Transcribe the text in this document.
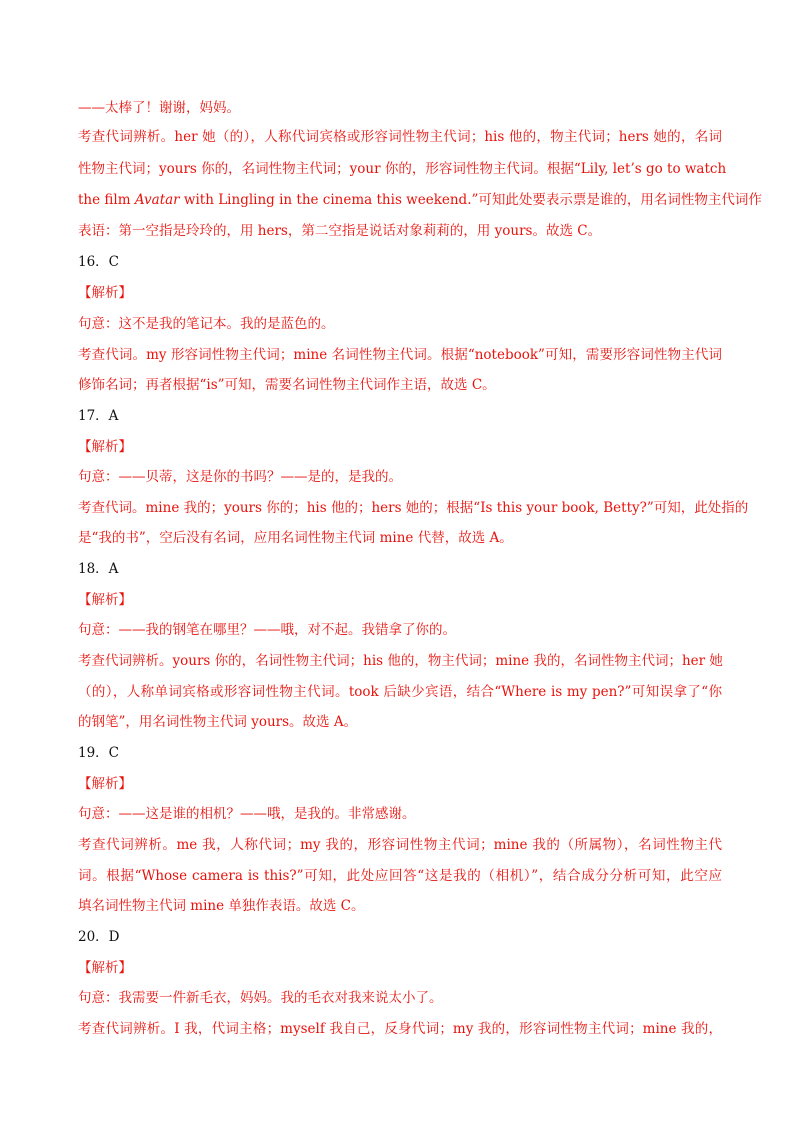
——太棒了！谢谢，妈妈。
考查代词辨析。her 她（的），人称代词宾格或形容词性物主代词；his 他的，物主代词；hers 她的，名词
性物主代词；yours 你的，名词性物主代词；your 你的，形容词性物主代词。根据“Lily, let’s go to watch
the film Avatar with Lingling in the cinema this weekend.”可知此处要表示票是谁的，用名词性物主代词作
表语：第一空指是玲玲的，用 hers，第二空指是说话对象莉莉的，用 yours。故选 C。
16．C
【解析】
句意：这不是我的笔记本。我的是蓝色的。
考查代词。my 形容词性物主代词；mine 名词性物主代词。根据“notebook”可知，需要形容词性物主代词
修饰名词；再者根据“is”可知，需要名词性物主代词作主语，故选 C。
17．A
【解析】
句意：——贝蒂，这是你的书吗？——是的，是我的。
考查代词。mine 我的；yours 你的；his 他的；hers 她的；根据“Is this your book, Betty?”可知，此处指的
是“我的书”，空后没有名词，应用名词性物主代词 mine 代替，故选 A。
18．A
【解析】
句意：——我的钢笔在哪里？——哦，对不起。我错拿了你的。
考查代词辨析。yours 你的，名词性物主代词；his 他的，物主代词；mine 我的，名词性物主代词；her 她
（的），人称单词宾格或形容词性物主代词。took 后缺少宾语，结合“Where is my pen?”可知误拿了“你
的钢笔”，用名词性物主代词 yours。故选 A。
19．C
【解析】
句意：——这是谁的相机？——哦，是我的。非常感谢。
考查代词辨析。me 我，人称代词；my 我的，形容词性物主代词；mine 我的（所属物），名词性物主代
词。根据“Whose camera is this?”可知，此处应回答“这是我的（相机）”，结合成分分析可知，此空应
填名词性物主代词 mine 单独作表语。故选 C。
20．D
【解析】
句意：我需要一件新毛衣，妈妈。我的毛衣对我来说太小了。
考查代词辨析。I 我，代词主格；myself 我自己，反身代词；my 我的，形容词性物主代词；mine 我的，
